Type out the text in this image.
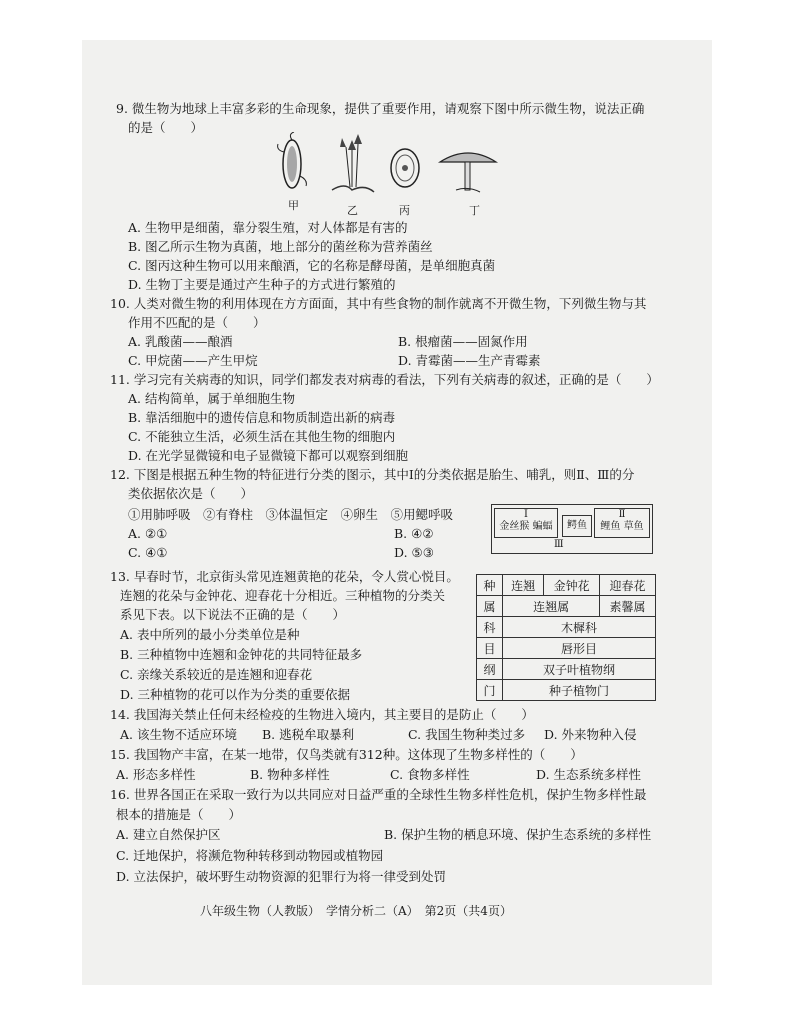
9. 微生物为地球上丰富多彩的生命现象，提供了重要作用，请观察下图中所示微生物，说法正确
的是（　　）
甲	乙	丙	丁
A. 生物甲是细菌，靠分裂生殖，对人体都是有害的
B. 图乙所示生物为真菌，地上部分的菌丝称为营养菌丝
C. 图丙这种生物可以用来酿酒，它的名称是酵母菌，是单细胞真菌
D. 生物丁主要是通过产生种子的方式进行繁殖的
10. 人类对微生物的利用体现在方方面面，其中有些食物的制作就离不开微生物，下列微生物与其
作用不匹配的是（　　）
A. 乳酸菌——酿酒	B. 根瘤菌——固氮作用
C. 甲烷菌——产生甲烷	D. 青霉菌——生产青霉素
11. 学习完有关病毒的知识，同学们都发表对病毒的看法，下列有关病毒的叙述，正确的是（　　）
A. 结构简单，属于单细胞生物
B. 靠活细胞中的遗传信息和物质制造出新的病毒
C. 不能独立生活，必须生活在其他生物的细胞内
D. 在光学显微镜和电子显微镜下都可以观察到细胞
12. 下图是根据五种生物的特征进行分类的图示，其中Ⅰ的分类依据是胎生、哺乳，则Ⅱ、Ⅲ的分
类依据依次是（　　）
①用肺呼吸　②有脊柱　③体温恒定　④卵生　⑤用鳃呼吸
A. ②①	B. ④②
C. ④①	D. ⑤③
Ⅰ
金丝猴 蝙蝠	鳄鱼
Ⅱ
鲤鱼 草鱼
Ⅲ
13. 早春时节，北京街头常见连翘黄艳的花朵，令人赏心悦目。
连翘的花朵与金钟花、迎春花十分相近。三种植物的分类关
系见下表。以下说法不正确的是（　　）
A. 表中所列的最小分类单位是种
B. 三种植物中连翘和金钟花的共同特征最多
C. 亲缘关系较近的是连翘和迎春花
D. 三种植物的花可以作为分类的重要依据
种	连翘	金钟花	迎春花
属	连翘属		素馨属
科	木樨科		
目	唇形目		
纲	双子叶植物纲		
门	种子植物门		
14. 我国海关禁止任何未经检疫的生物进入境内，其主要目的是防止（　　）
A. 该生物不适应环境 B. 逃税牟取暴利	C. 我国生物种类过多 D. 外来物种入侵
15. 我国物产丰富，在某一地带，仅鸟类就有312种。这体现了生物多样性的（　　）
A. 形态多样性	B. 物种多样性	C. 食物多样性	D. 生态系统多样性
16. 世界各国正在采取一致行为以共同应对日益严重的全球性生物多样性危机，保护生物多样性最
根本的措施是（　　）
A. 建立自然保护区	B. 保护生物的栖息环境、保护生态系统的多样性
C. 迁地保护，将濒危物种转移到动物园或植物园
D. 立法保护，破坏野生动物资源的犯罪行为将一律受到处罚
八年级生物（人教版）　学情分析二（A）　第2页（共4页）
